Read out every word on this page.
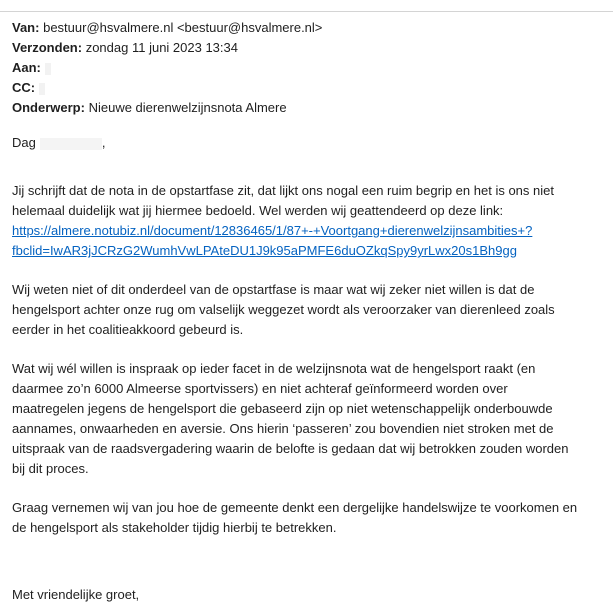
Van: bestuur@hsvalmere.nl <bestuur@hsvalmere.nl>
Verzonden: zondag 11 juni 2023 13:34
Aan:
CC:
Onderwerp: Nieuwe dierenwelzijnsnota Almere
Dag	,
Jij schrijft dat de nota in de opstartfase zit, dat lijkt ons nogal een ruim begrip en het is ons niet
helemaal duidelijk wat jij hiermee bedoeld. Wel werden wij geattendeerd op deze link:
https://almere.notubiz.nl/document/12836465/1/87+-+Voortgang+dierenwelzijnsambities+?
fbclid=IwAR3jJCRzG2WumhVwLPAteDU1J9k95aPMFE6duOZkqSpy9yrLwx20s1Bh9gg
Wij weten niet of dit onderdeel van de opstartfase is maar wat wij zeker niet willen is dat de
hengelsport achter onze rug om valselijk weggezet wordt als veroorzaker van dierenleed zoals
eerder in het coalitieakkoord gebeurd is.
Wat wij wél willen is inspraak op ieder facet in de welzijnsnota wat de hengelsport raakt (en
daarmee zo’n 6000 Almeerse sportvissers) en niet achteraf geïnformeerd worden over
maatregelen jegens de hengelsport die gebaseerd zijn op niet wetenschappelijk onderbouwde
aannames, onwaarheden en aversie. Ons hierin ‘passeren’ zou bovendien niet stroken met de
uitspraak van de raadsvergadering waarin de belofte is gedaan dat wij betrokken zouden worden
bij dit proces.
Graag vernemen wij van jou hoe de gemeente denkt een dergelijke handelswijze te voorkomen en
de hengelsport als stakeholder tijdig hierbij te betrekken.
Met vriendelijke groet,
